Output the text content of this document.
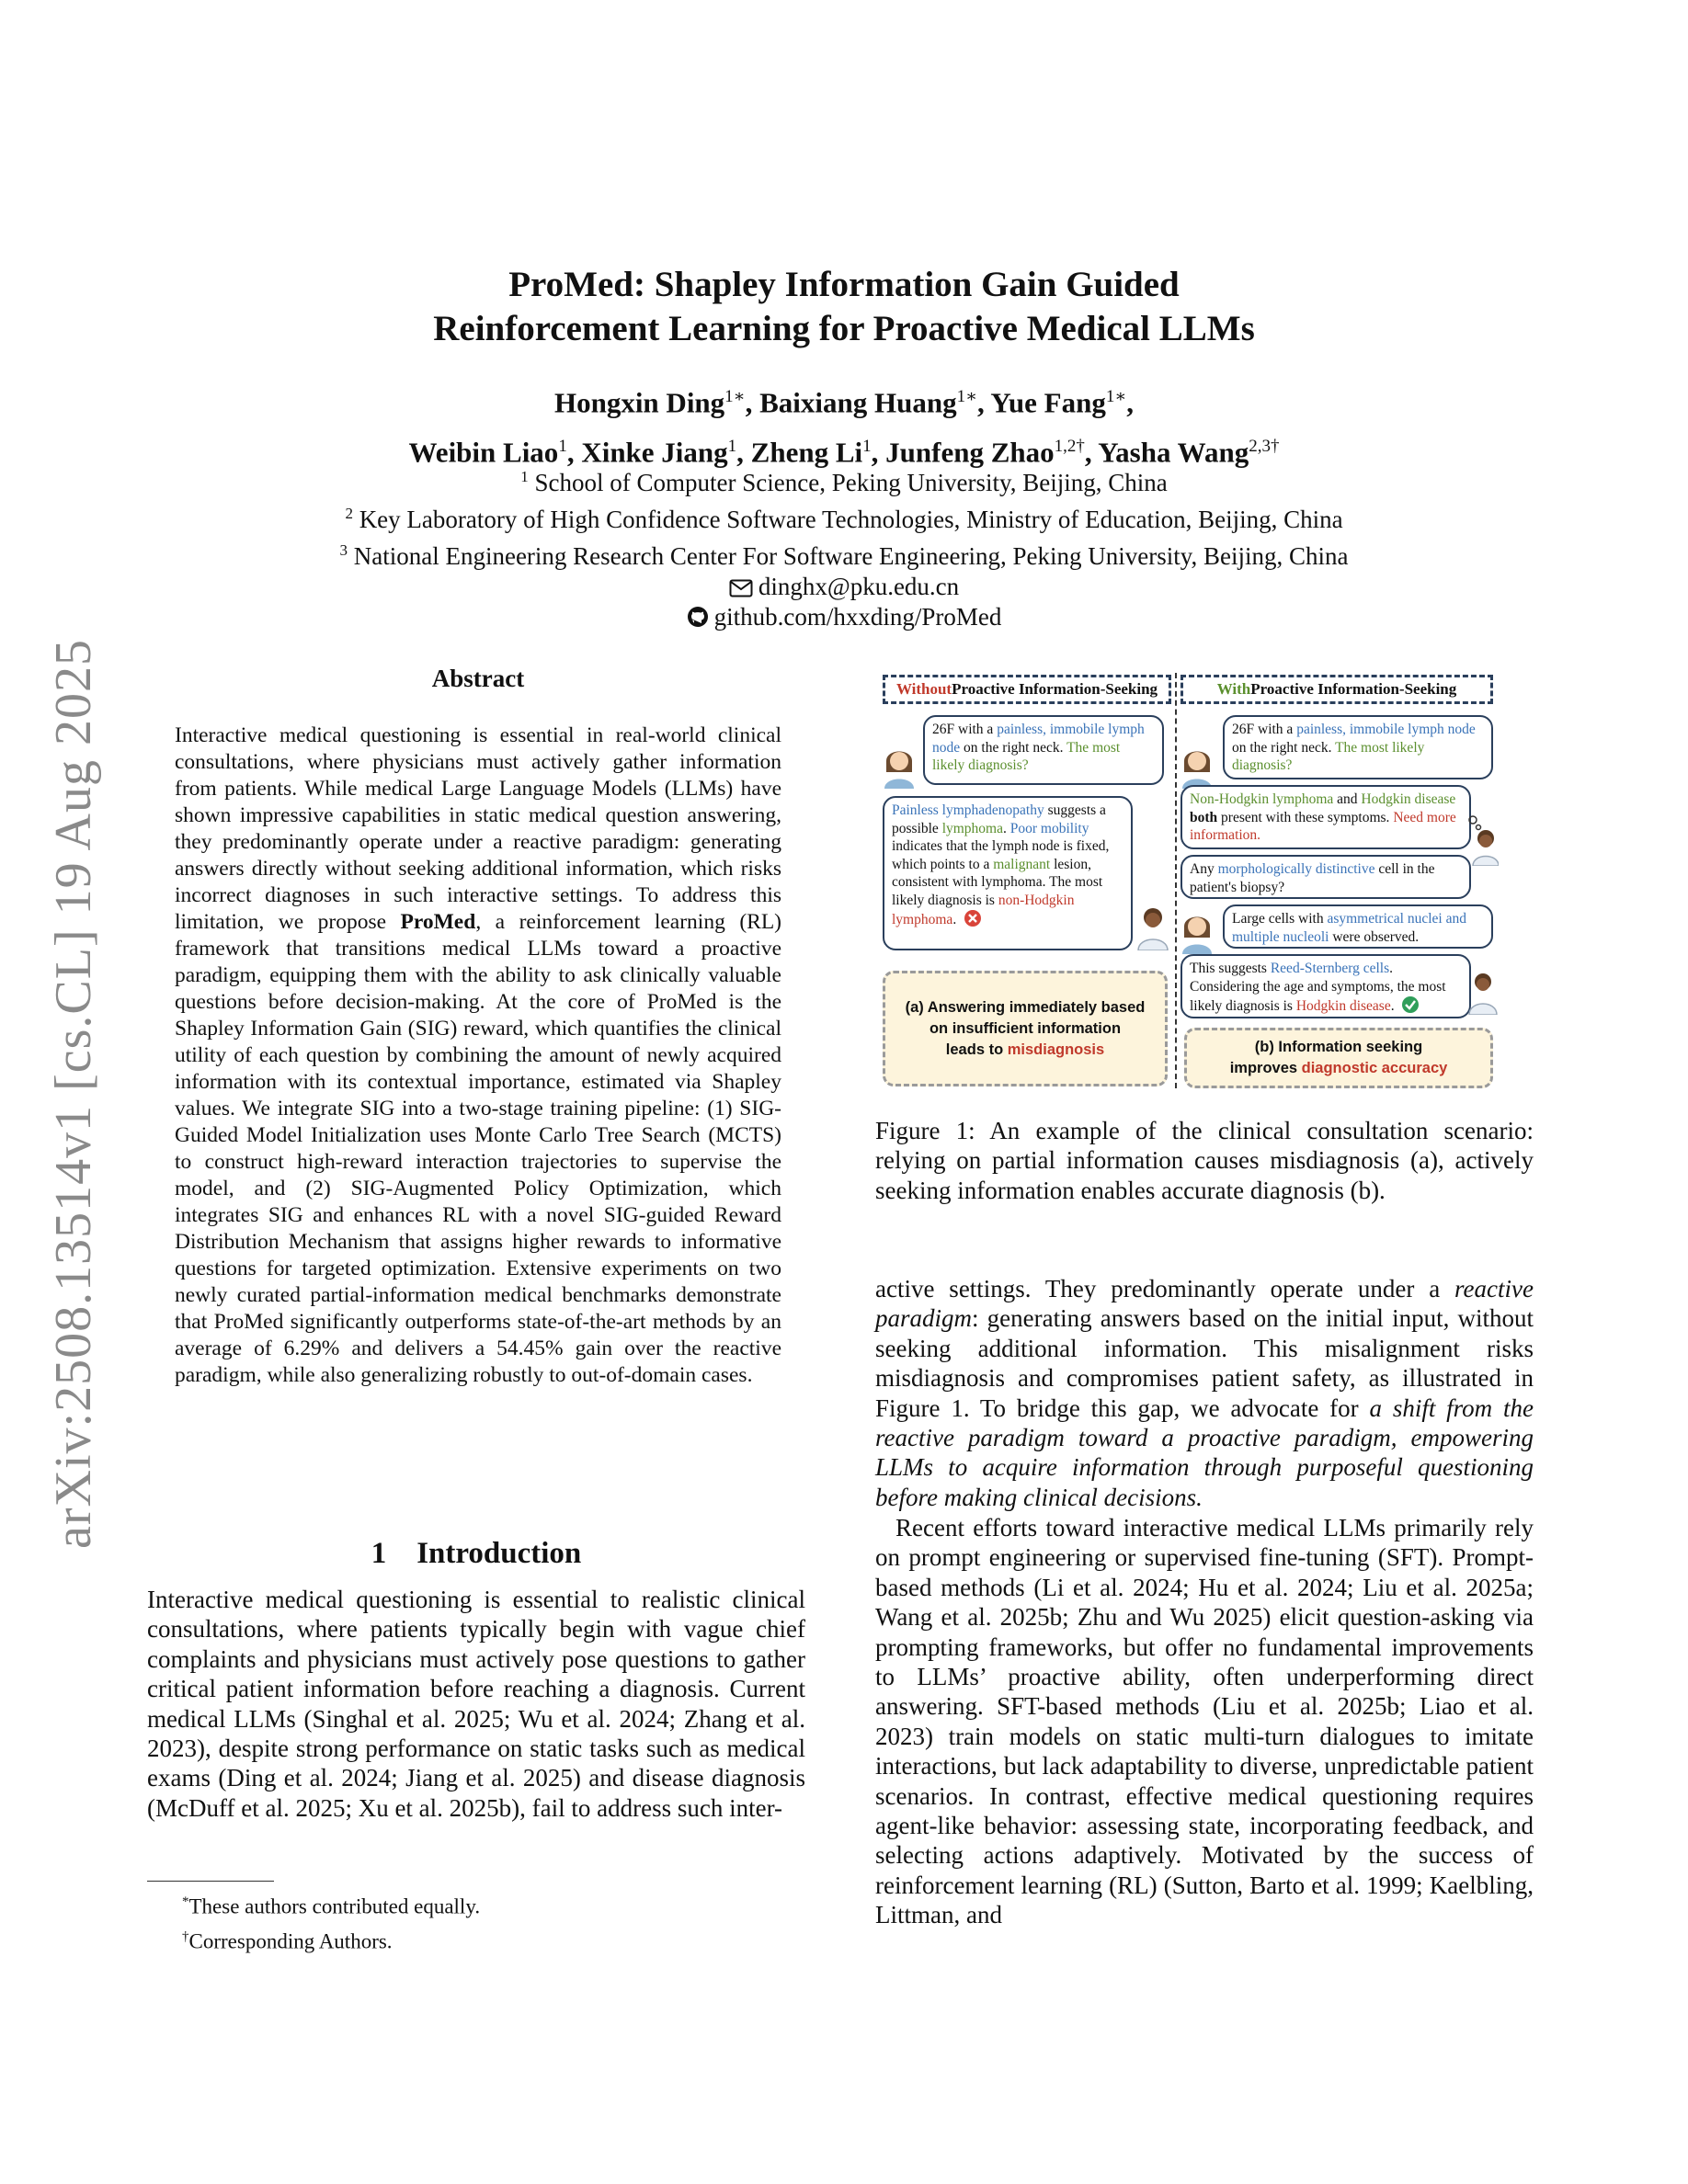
arXiv:2508.13514v1 [cs.CL] 19 Aug 2025
ProMed: Shapley Information Gain Guided
Reinforcement Learning for Proactive Medical LLMs
Hongxin Ding$^{1∗}$, Baixiang Huang$^{1∗}$, Yue Fang$^{1∗}$,
Weibin Liao$^1$, Xinke Jiang$^1$, Zheng Li$^1$, Junfeng Zhao$^{1,2\dagger}$, Yasha Wang$^{2,3\dagger}$
$^1$ School of Computer Science, Peking University, Beijing, China
$^2$ Key Laboratory of High Confidence Software Technologies, Ministry of Education, Beijing, China
$^3$ National Engineering Research Center For Software Engineering, Peking University, Beijing, China
dinghx@pku.edu.cn
github.com/hxxding/ProMed
Abstract

Interactive medical questioning is essential in real-world clinical consultations, where physicians must actively gather information from patients. While medical Large Language Models (LLMs) have shown impressive capabilities in static medical question answering, they predominantly operate under a reactive paradigm: generating answers directly without seeking additional information, which risks incorrect diagnoses in such interactive settings. To address this limitation, we propose ProMed, a reinforcement learning (RL) framework that transitions medical LLMs toward a proactive paradigm, equipping them with the ability to ask clinically valuable questions before decision-making. At the core of ProMed is the Shapley Information Gain (SIG) reward, which quantifies the clinical utility of each question by combining the amount of newly acquired information with its contextual importance, estimated via Shapley values. We integrate SIG into a two-stage training pipeline: (1) SIG-Guided Model Initialization uses Monte Carlo Tree Search (MCTS) to construct high-reward interaction trajectories to supervise the model, and (2) SIG-Augmented Policy Optimization, which integrates SIG and enhances RL with a novel SIG-guided Reward Distribution Mechanism that assigns higher rewards to informative questions for targeted optimization. Extensive experiments on two newly curated partial-information medical benchmarks demonstrate that ProMed significantly outperforms state-of-the-art methods by an average of 6.29% and delivers a 54.45% gain over the reactive paradigm, while also generalizing robustly to out-of-domain cases.

1 Introduction

Interactive medical questioning is essential to realistic clinical consultations, where patients typically begin with vague chief complaints and physicians must actively pose questions to gather critical patient information before reaching a diagnosis. Current medical LLMs (Singhal et al. 2025; Wu et al. 2024; Zhang et al. 2023), despite strong performance on static tasks such as medical exams (Ding et al. 2024; Jiang et al. 2025) and disease diagnosis (McDuff et al. 2025; Xu et al. 2025b), fail to address such inter-

*These authors contributed equally.
†Corresponding Authors.
Without Proactive Information-Seeking	With Proactive Information-Seeking
26F with a painless, immobile lymph node on the right neck. The most likely diagnosis?
Painless lymphadenopathy suggests a possible lymphoma. Poor mobility indicates that the lymph node is fixed, which points to a malignant lesion, consistent with lymphoma. The most likely diagnosis is non-Hodgkin lymphoma.
(a) Answering immediately based
on insufficient information
leads to misdiagnosis
26F with a painless, immobile lymph node on the right neck. The most likely diagnosis?
Non-Hodgkin lymphoma and Hodgkin disease both present with these symptoms. Need more information.
Any morphologically distinctive cell in the patient's biopsy?
Large cells with asymmetrical nuclei and multiple nucleoli were observed.
This suggests Reed-Sternberg cells. Considering the age and symptoms, the most likely diagnosis is Hodgkin disease.
(b) Information seeking
improves diagnostic accuracy

Figure 1: An example of the clinical consultation scenario: relying on partial information causes misdiagnosis (a), actively seeking information enables accurate diagnosis (b).

active settings. They predominantly operate under a reactive paradigm: generating answers based on the initial input, without seeking additional information. This misalignment risks misdiagnosis and compromises patient safety, as illustrated in Figure 1. To bridge this gap, we advocate for a shift from the reactive paradigm toward a proactive paradigm, empowering LLMs to acquire information through purposeful questioning before making clinical decisions.

Recent efforts toward interactive medical LLMs primarily rely on prompt engineering or supervised fine-tuning (SFT). Prompt-based methods (Li et al. 2024; Hu et al. 2024; Liu et al. 2025a; Wang et al. 2025b; Zhu and Wu 2025) elicit question-asking via prompting frameworks, but offer no fundamental improvements to LLMs’ proactive ability, often underperforming direct answering. SFT-based methods (Liu et al. 2025b; Liao et al. 2023) train models on static multi-turn dialogues to imitate interactions, but lack adaptability to diverse, unpredictable patient scenarios. In contrast, effective medical questioning requires agent-like behavior: assessing state, incorporating feedback, and selecting actions adaptively. Motivated by the success of reinforcement learning (RL) (Sutton, Barto et al. 1999; Kaelbling, Littman, and
